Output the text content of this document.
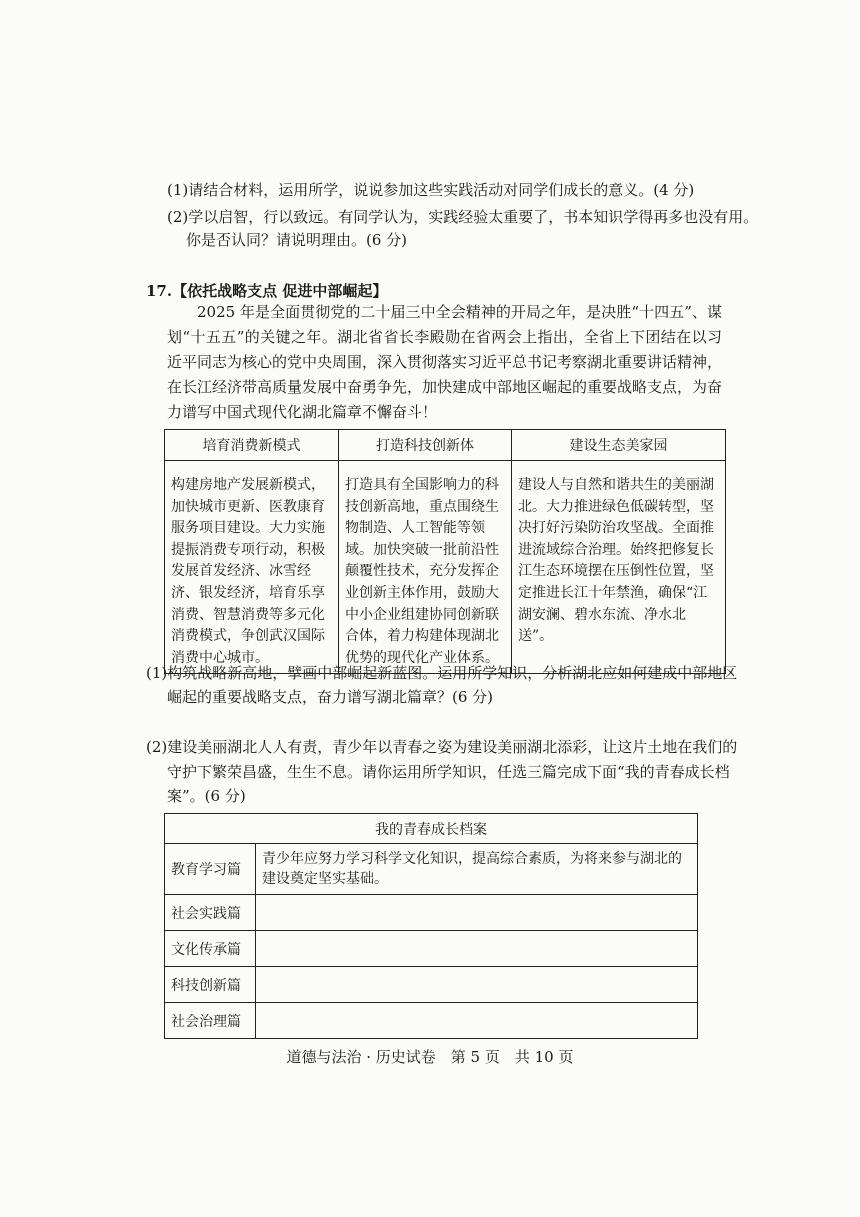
(1)请结合材料，运用所学，说说参加这些实践活动对同学们成长的意义。(4 分)
(2)学以启智，行以致远。有同学认为，实践经验太重要了，书本知识学得再多也没有用。
你是否认同？请说明理由。(6 分)
17.【依托战略支点 促进中部崛起】
2025 年是全面贯彻党的二十届三中全会精神的开局之年，是决胜“十四五”、谋划“十五五”的关键之年。湖北省省长李殿勋在省两会上指出，全省上下团结在以习近平同志为核心的党中央周围，深入贯彻落实习近平总书记考察湖北重要讲话精神，在长江经济带高质量发展中奋勇争先，加快建成中部地区崛起的重要战略支点，为奋力谱写中国式现代化湖北篇章不懈奋斗！
培育消费新模式	打造科技创新体	建设生态美家园
构建房地产发展新模式，加快城市更新、医教康育服务项目建设。大力实施提振消费专项行动，积极发展首发经济、冰雪经济、银发经济，培育乐享消费、智慧消费等多元化消费模式，争创武汉国际消费中心城市。	打造具有全国影响力的科技创新高地，重点围绕生物制造、人工智能等领域。加快突破一批前沿性颠覆性技术，充分发挥企业创新主体作用，鼓励大中小企业组建协同创新联合体，着力构建体现湖北优势的现代化产业体系。	建设人与自然和谐共生的美丽湖北。大力推进绿色低碳转型，坚决打好污染防治攻坚战。全面推进流域综合治理。始终把修复长江生态环境摆在压倒性位置，坚定推进长江十年禁渔，确保“江湖安澜、碧水东流、净水北送”。
(1)构筑战略新高地，擘画中部崛起新蓝图。运用所学知识，分析湖北应如何建成中部地区
崛起的重要战略支点，奋力谱写湖北篇章？(6 分)
(2)建设美丽湖北人人有责，青少年以青春之姿为建设美丽湖北添彩，让这片土地在我们的
守护下繁荣昌盛，生生不息。请你运用所学知识，任选三篇完成下面“我的青春成长档
案”。(6 分)
我的青春成长档案	
教育学习篇	青少年应努力学习科学文化知识，提高综合素质，为将来参与湖北的建设奠定坚实基础。
社会实践篇	
文化传承篇	
科技创新篇	
社会治理篇	
道德与法治 · 历史试卷　第 5 页　共 10 页
